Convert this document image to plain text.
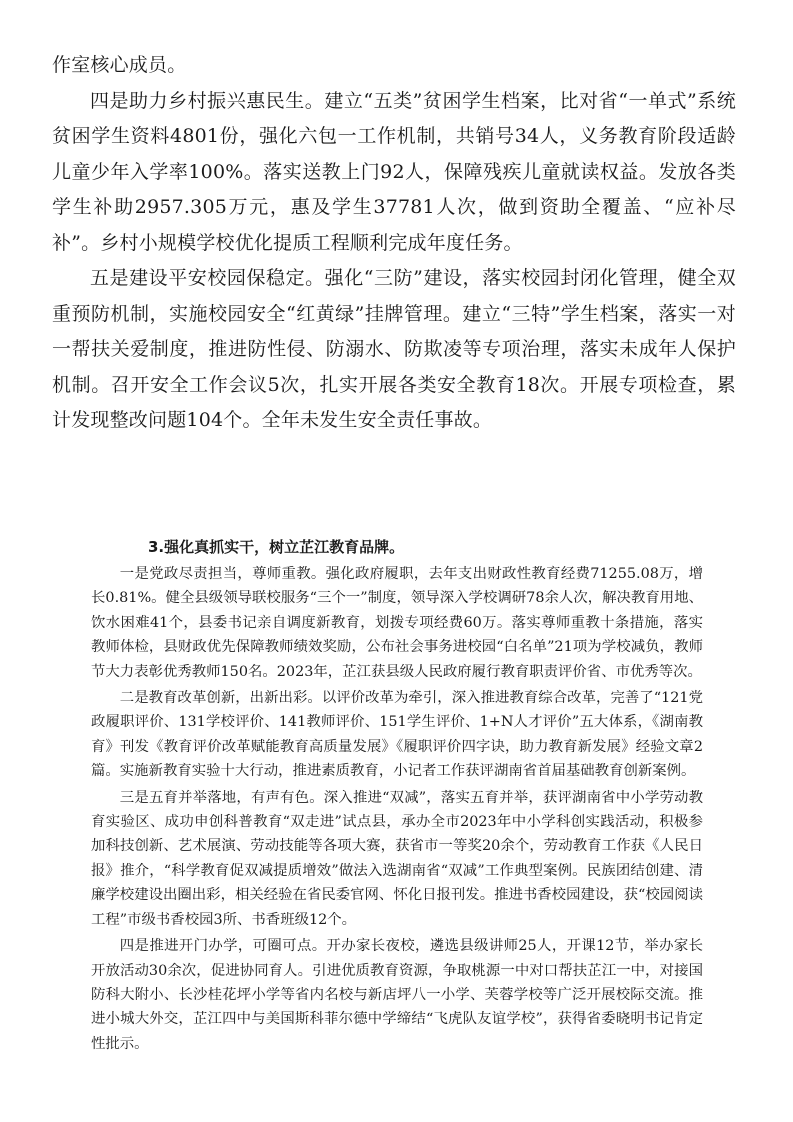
作室核心成员。

四是助力乡村振兴惠民生。建立“五类”贫困学生档案，比对省“一单式”系统贫困学生资料4801份，强化六包一工作机制，共销号34人，义务教育阶段适龄儿童少年入学率100%。落实送教上门92人，保障残疾儿童就读权益。发放各类学生补助2957.305万元，惠及学生37781人次，做到资助全覆盖、“应补尽补”。乡村小规模学校优化提质工程顺利完成年度任务。

五是建设平安校园保稳定。强化“三防”建设，落实校园封闭化管理，健全双重预防机制，实施校园安全“红黄绿”挂牌管理。建立“三特”学生档案，落实一对一帮扶关爱制度，推进防性侵、防溺水、防欺凌等专项治理，落实未成年人保护机制。召开安全工作会议5次，扎实开展各类安全教育18次。开展专项检查，累计发现整改问题104个。全年未发生安全责任事故。

3.强化真抓实干，树立芷江教育品牌。

一是党政尽责担当，尊师重教。强化政府履职，去年支出财政性教育经费71255.08万，增长0.81%。健全县级领导联校服务“三个一”制度，领导深入学校调研78余人次，解决教育用地、饮水困难41个，县委书记亲自调度新教育，划拨专项经费60万。落实尊师重教十条措施，落实教师体检，县财政优先保障教师绩效奖励，公布社会事务进校园“白名单”21项为学校减负，教师节大力表彰优秀教师150名。2023年，芷江获县级人民政府履行教育职责评价省、市优秀等次。

二是教育改革创新，出新出彩。以评价改革为牵引，深入推进教育综合改革，完善了“121党政履职评价、131学校评价、141教师评价、151学生评价、1+N人才评价”五大体系，《湖南教育》刊发《教育评价改革赋能教育高质量发展》《履职评价四字诀，助力教育新发展》经验文章2篇。实施新教育实验十大行动，推进素质教育，小记者工作获评湖南省首届基础教育创新案例。

三是五育并举落地，有声有色。深入推进“双减”，落实五育并举，获评湖南省中小学劳动教育实验区、成功申创科普教育“双走进”试点县，承办全市2023年中小学科创实践活动，积极参加科技创新、艺术展演、劳动技能等各项大赛，获省市一等奖20余个，劳动教育工作获《人民日报》推介，“科学教育促双减提质增效”做法入选湖南省“双减”工作典型案例。民族团结创建、清廉学校建设出圈出彩，相关经验在省民委官网、怀化日报刊发。推进书香校园建设，获“校园阅读工程”市级书香校园3所、书香班级12个。

四是推进开门办学，可圈可点。开办家长夜校，遴选县级讲师25人，开课12节，举办家长开放活动30余次，促进协同育人。引进优质教育资源，争取桃源一中对口帮扶芷江一中，对接国防科大附小、长沙桂花坪小学等省内名校与新店坪八一小学、芙蓉学校等广泛开展校际交流。推进小城大外交，芷江四中与美国斯科菲尔德中学缔结“飞虎队友谊学校”，获得省委晓明书记肯定性批示。
